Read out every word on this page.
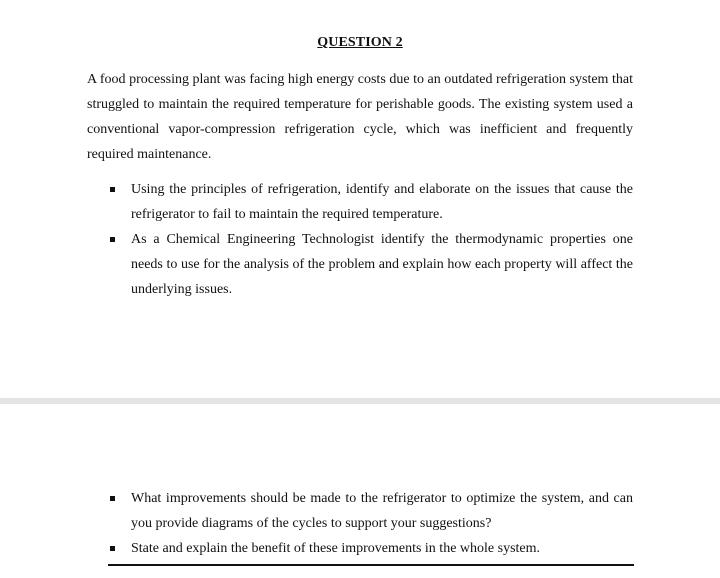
QUESTION 2

A food processing plant was facing high energy costs due to an outdated refrigeration system that struggled to maintain the required temperature for perishable goods. The existing system used a conventional vapor-compression refrigeration cycle, which was inefficient and frequently required maintenance.

Using the principles of refrigeration, identify and elaborate on the issues that cause the refrigerator to fail to maintain the required temperature.
As a Chemical Engineering Technologist identify the thermodynamic properties one needs to use for the analysis of the problem and explain how each property will affect the underlying issues.
What improvements should be made to the refrigerator to optimize the system, and can you provide diagrams of the cycles to support your suggestions?
State and explain the benefit of these improvements in the whole system.
